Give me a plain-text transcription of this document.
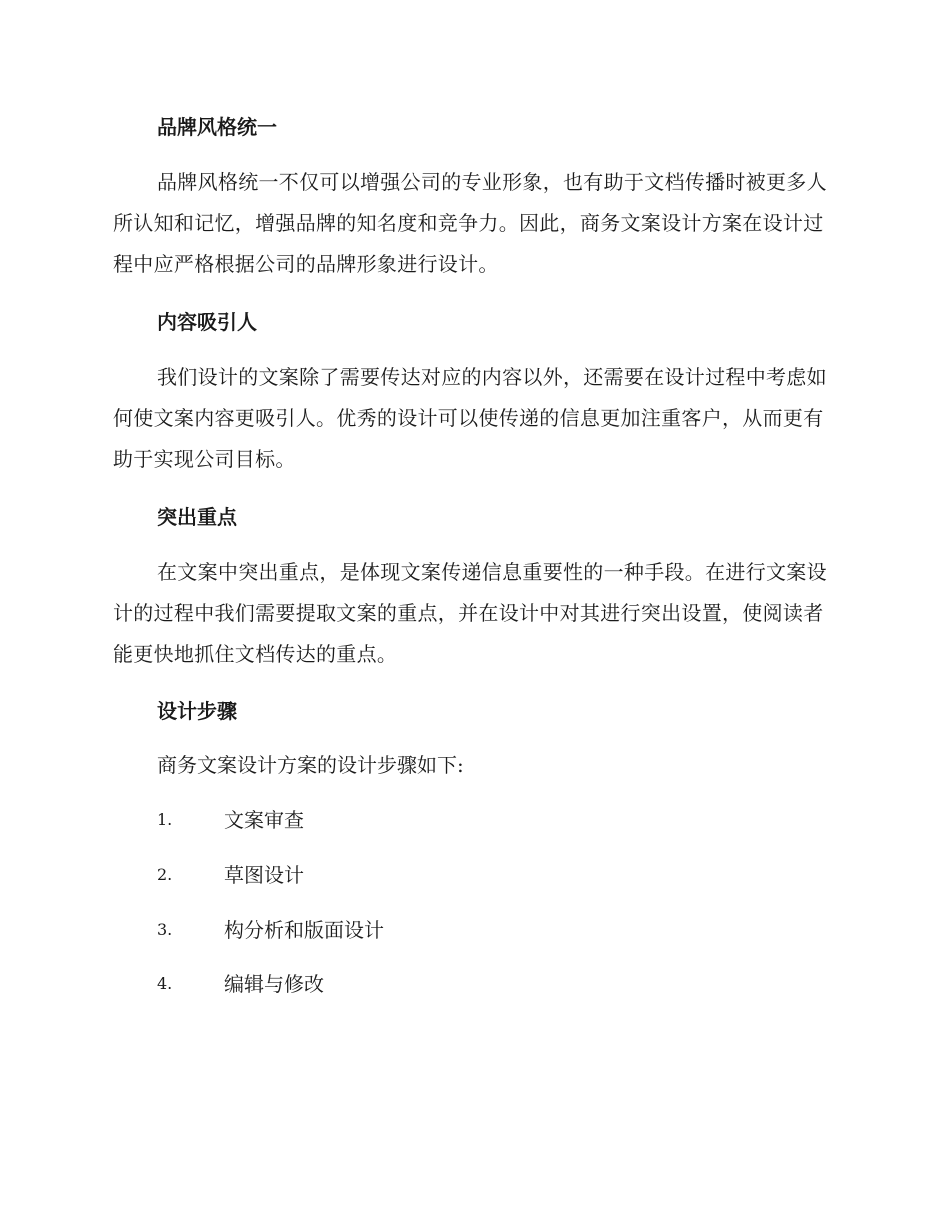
品牌风格统一

品牌风格统一不仅可以增强公司的专业形象，也有助于文档传播时被更多人所认知和记忆，增强品牌的知名度和竞争力。因此，商务文案设计方案在设计过程中应严格根据公司的品牌形象进行设计。

内容吸引人

我们设计的文案除了需要传达对应的内容以外，还需要在设计过程中考虑如何使文案内容更吸引人。优秀的设计可以使传递的信息更加注重客户，从而更有助于实现公司目标。

突出重点

在文案中突出重点，是体现文案传递信息重要性的一种手段。在进行文案设计的过程中我们需要提取文案的重点，并在设计中对其进行突出设置，使阅读者能更快地抓住文档传达的重点。

设计步骤

商务文案设计方案的设计步骤如下:

1.	文案审查
2.	草图设计
3.	构分析和版面设计
4.	编辑与修改
